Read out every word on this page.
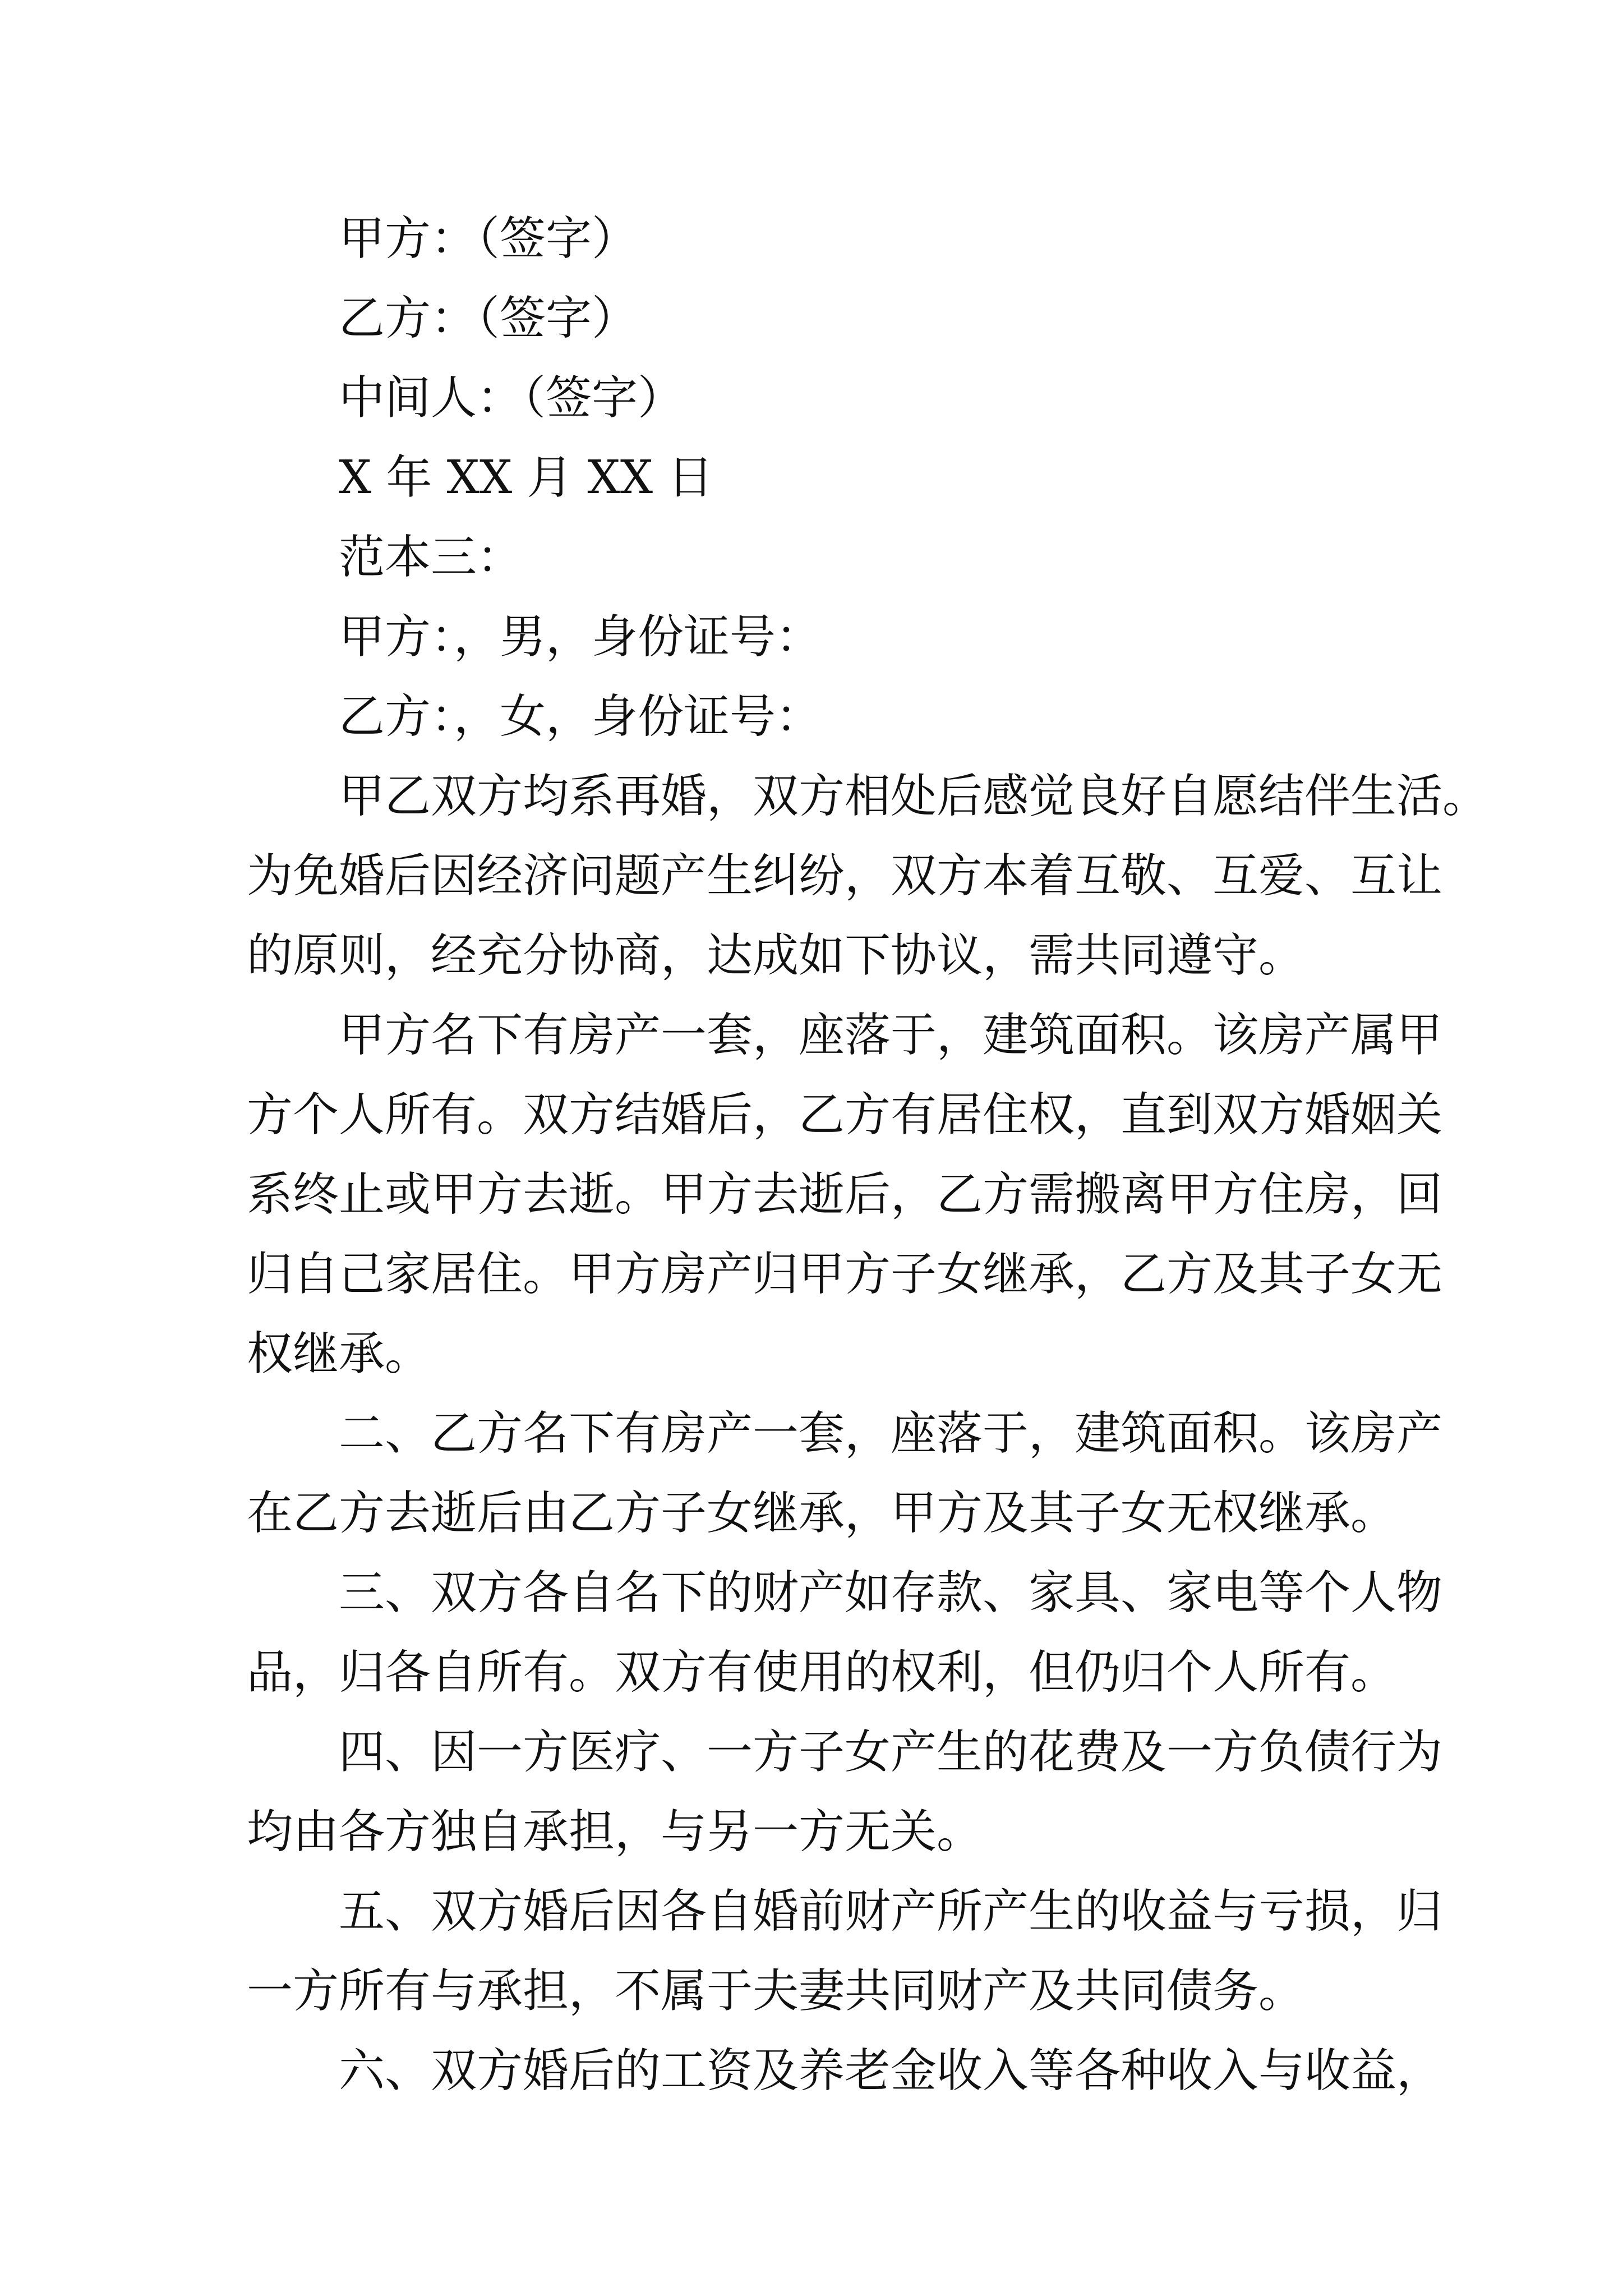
甲方：（签字）
乙方：（签字）
中间人：（签字）
X 年 XX 月 XX 日
范本三：
甲方：，男，身份证号：
乙方：，女，身份证号：
甲乙双方均系再婚，双方相处后感觉良好自愿结伴生活。
为免婚后因经济问题产生纠纷，双方本着互敬、互爱、互让
的原则，经充分协商，达成如下协议，需共同遵守。
甲方名下有房产一套，座落于，建筑面积。该房产属甲
方个人所有。双方结婚后，乙方有居住权，直到双方婚姻关
系终止或甲方去逝。甲方去逝后，乙方需搬离甲方住房，回
归自己家居住。甲方房产归甲方子女继承，乙方及其子女无
权继承。
二、乙方名下有房产一套，座落于，建筑面积。该房产
在乙方去逝后由乙方子女继承，甲方及其子女无权继承。
三、双方各自名下的财产如存款、家具、家电等个人物
品，归各自所有。双方有使用的权利，但仍归个人所有。
四、因一方医疗、一方子女产生的花费及一方负债行为
均由各方独自承担，与另一方无关。
五、双方婚后因各自婚前财产所产生的收益与亏损，归
一方所有与承担，不属于夫妻共同财产及共同债务。
六、双方婚后的工资及养老金收入等各种收入与收益，
